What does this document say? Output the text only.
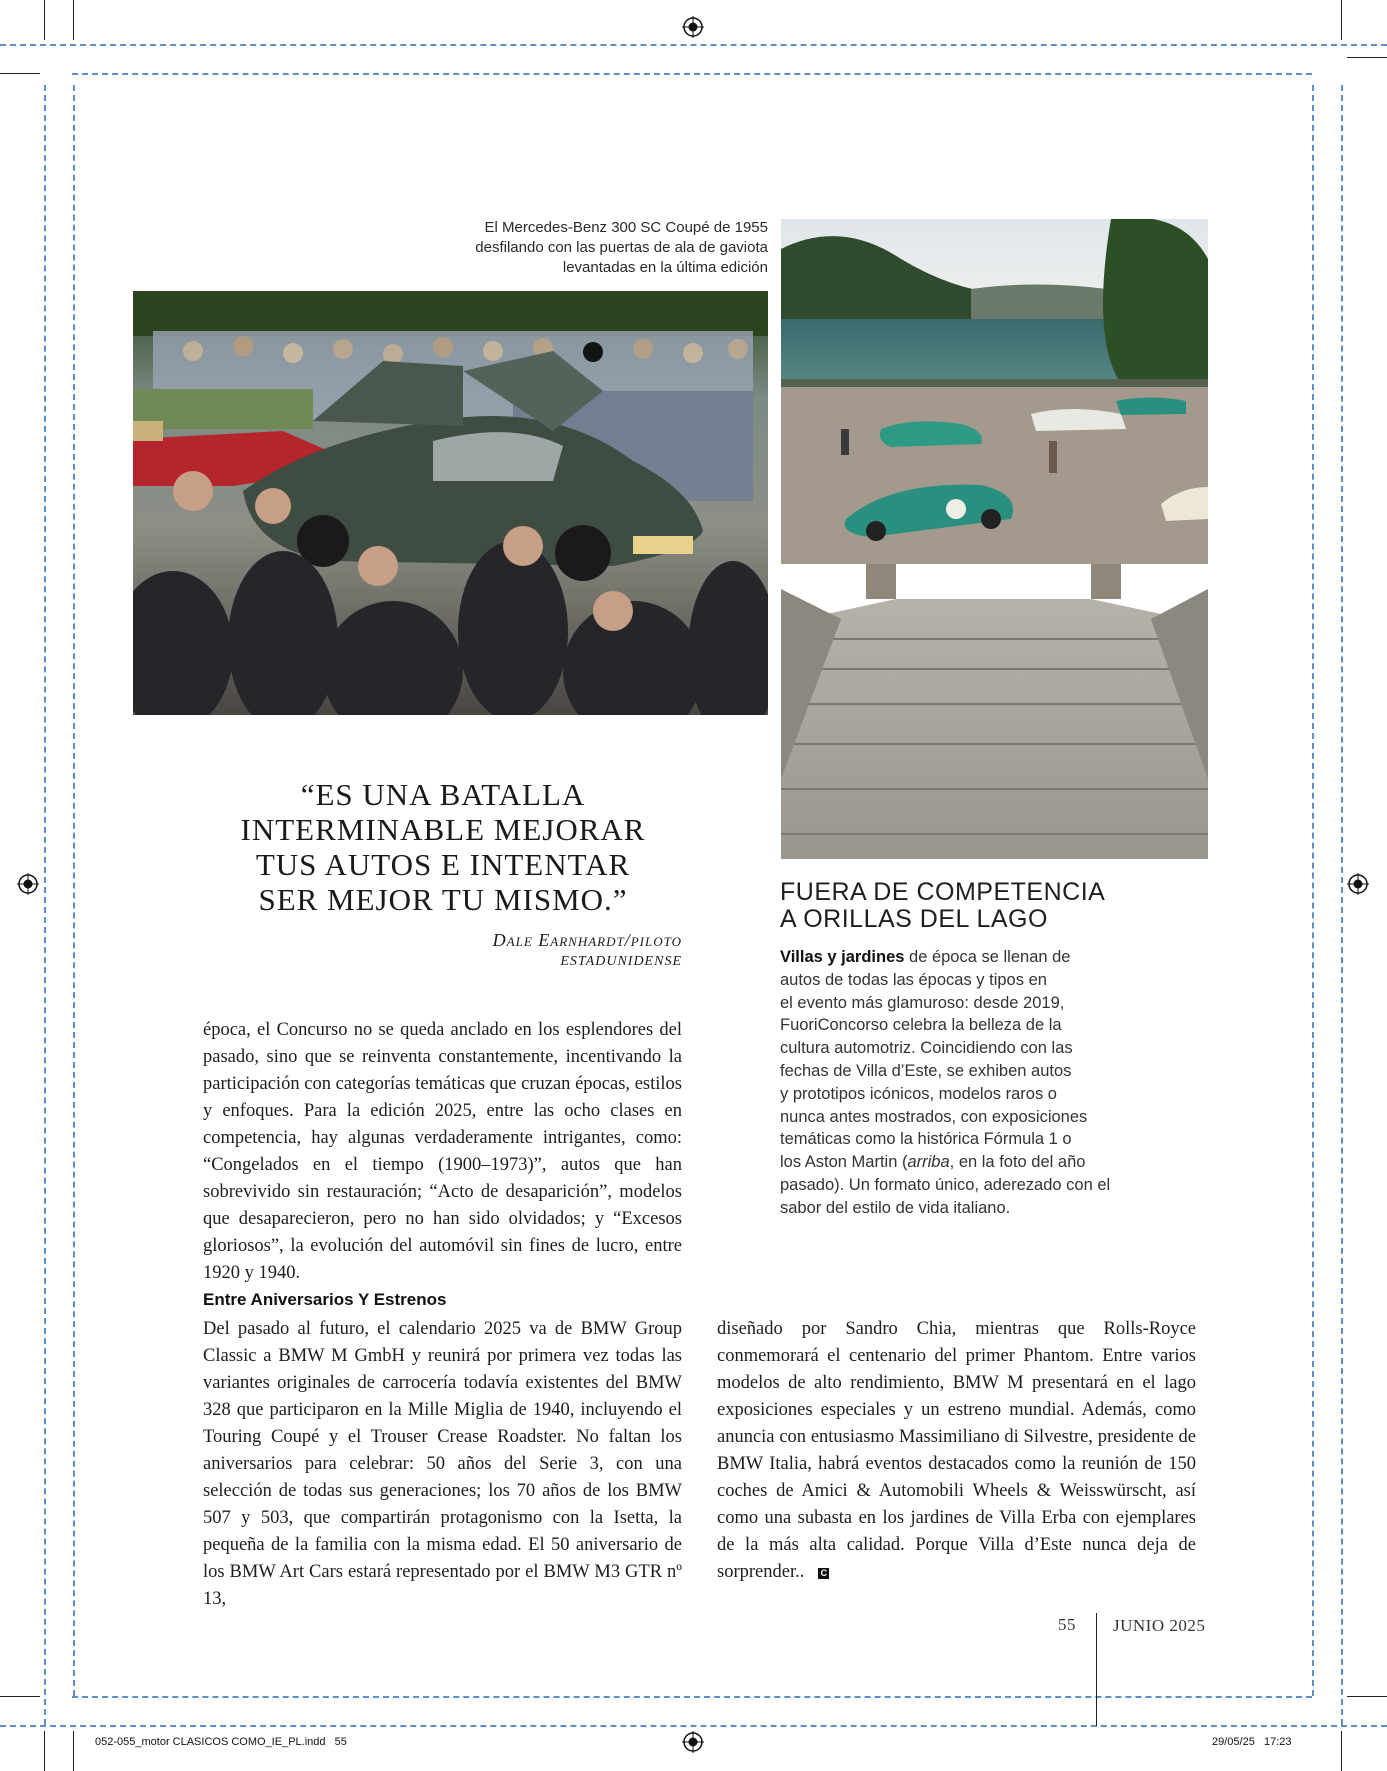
El Mercedes-Benz 300 SC Coupé de 1955
desfilando con las puertas de ala de gaviota
levantadas en la última edición
“ES UNA BATALLA
INTERMINABLE MEJORAR
TUS AUTOS E INTENTAR
SER MEJOR TU MISMO.”
Dale Earnhardt/piloto
ESTADUNIDENSE
FUERA DE COMPETENCIA
A ORILLAS DEL LAGO
Villas y jardines de época se llenan de
autos de todas las épocas y tipos en
el evento más glamuroso: desde 2019,
FuoriConcorso celebra la belleza de la
cultura automotriz. Coincidiendo con las
fechas de Villa d’Este, se exhiben autos
y prototipos icónicos, modelos raros o
nunca antes mostrados, con exposiciones
temáticas como la histórica Fórmula 1 o
los Aston Martin (arriba, en la foto del año
pasado). Un formato único, aderezado con el
sabor del estilo de vida italiano.
época, el Concurso no se queda anclado en los esplendores del pasado, sino que se reinventa constantemente, incentivando la participación con categorías temáticas que cruzan épocas, estilos y enfoques. Para la edición 2025, entre las ocho clases en competencia, hay algunas verdaderamente intrigantes, como: “Congelados en el tiempo (1900–1973)”, autos que han sobrevivido sin restauración; “Acto de desaparición”, modelos que desaparecieron, pero no han sido olvidados; y “Excesos gloriosos”, la evolución del automóvil sin fines de lucro, entre 1920 y 1940.
Entre Aniversarios Y Estrenos
Del pasado al futuro, el calendario 2025 va de BMW Group Classic a BMW M GmbH y reunirá por primera vez todas las variantes originales de carrocería todavía existentes del BMW 328 que participaron en la Mille Miglia de 1940, incluyendo el Touring Coupé y el Trouser Crease Roadster. No faltan los aniversarios para celebrar: 50 años del Serie 3, con una selección de todas sus generaciones; los 70 años de los BMW 507 y 503, que compartirán protagonismo con la Isetta, la pequeña de la familia con la misma edad. El 50 aniversario de los BMW Art Cars estará representado por el BMW M3 GTR nº 13,
diseñado por Sandro Chia, mientras que Rolls-Royce conmemorará el centenario del primer Phantom. Entre varios modelos de alto rendimiento, BMW M presentará en el lago exposiciones especiales y un estreno mundial. Además, como anuncia con entusiasmo Massimiliano di Silvestre, presidente de BMW Italia, habrá eventos destacados como la reunión de 150 coches de Amici & Automobili Wheels & Weisswürscht, así como una subasta en los jardines de Villa Erba con ejemplares de la más alta calidad. Porque Villa d’Este nunca deja de sorprender.. C
55 JUNIO 2025
052-055_motor CLASICOS COMO_IE_PL.indd   55	29/05/25   17:23
